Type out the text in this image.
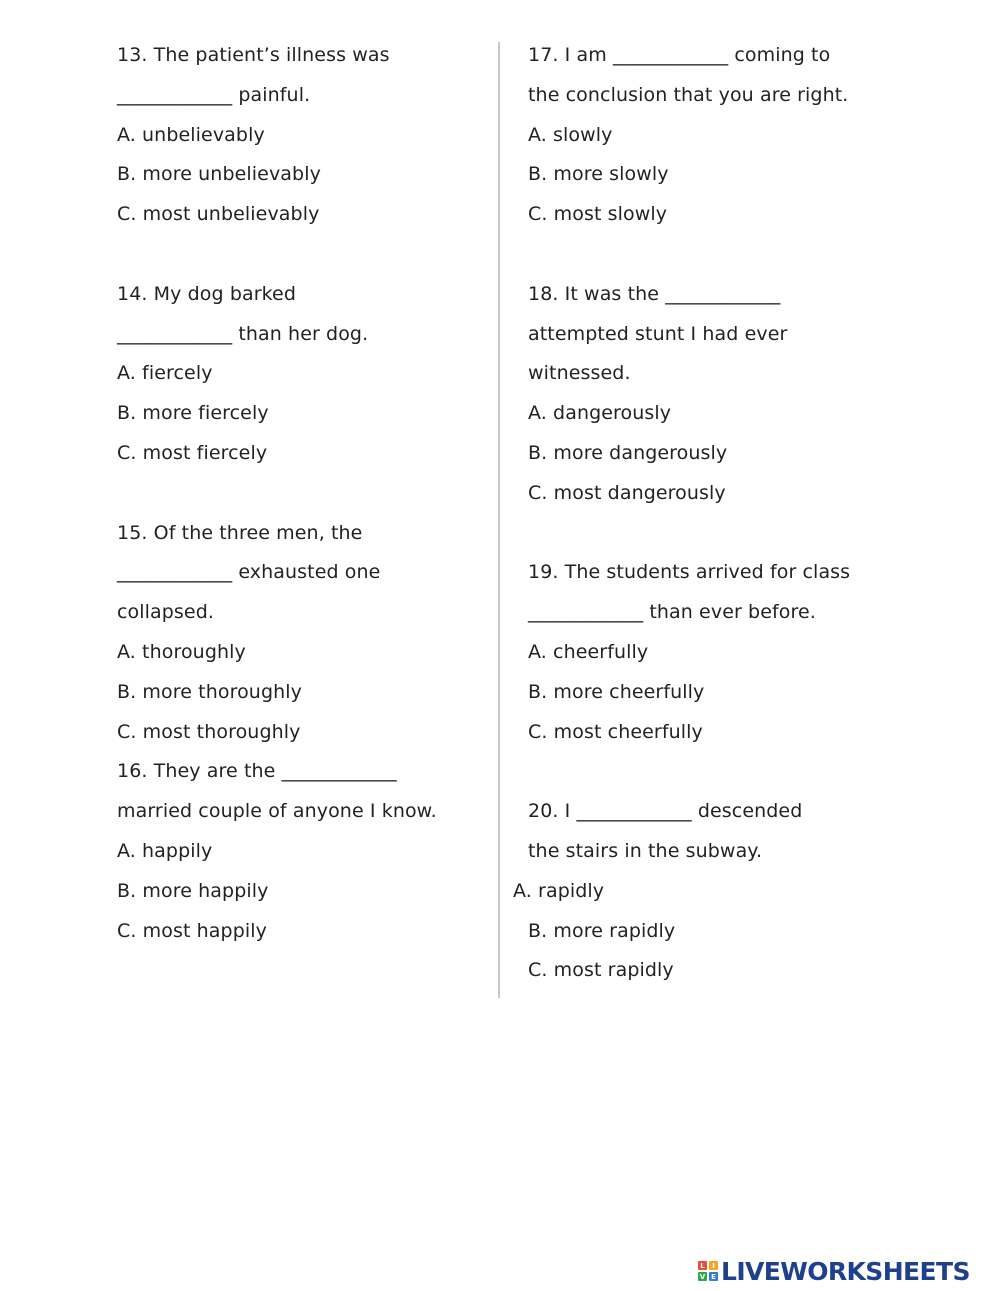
13. The patient’s illness was
____________ painful.
A. unbelievably
B. more unbelievably
C. most unbelievably
14. My dog barked
____________ than her dog.
A. fiercely
B. more fiercely
C. most fiercely
15. Of the three men, the
____________ exhausted one
collapsed.
A. thoroughly
B. more thoroughly
C. most thoroughly
16. They are the ____________
married couple of anyone I know.
A. happily
B. more happily
C. most happily
17. I am ____________ coming to
the conclusion that you are right.
A. slowly
B. more slowly
C. most slowly
18. It was the ____________
attempted stunt I had ever
witnessed.
A. dangerously
B. more dangerously
C. most dangerously
19. The students arrived for class
____________ than ever before.
A. cheerfully
B. more cheerfully
C. most cheerfully
20. I ____________ descended
the stairs in the subway.
A. rapidly
B. more rapidly
C. most rapidly
L	I
V E LIVEWORKSHEETS
